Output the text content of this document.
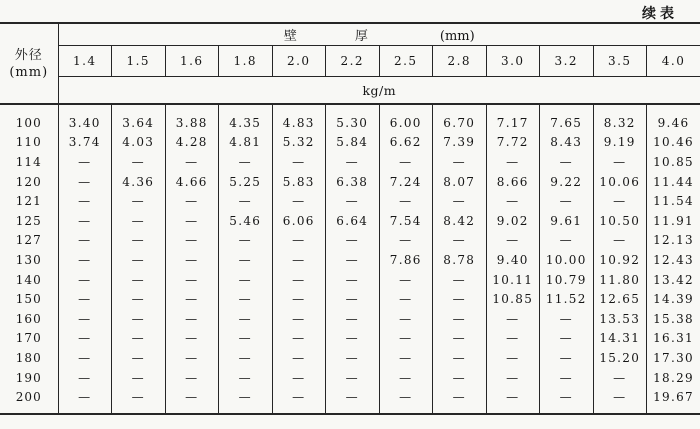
续表
外径
(mm)	壁 厚 (mm)											
	1.4	1.5	1.6	1.8	2.0	2.2	2.5	2.8	3.0	3.2	3.5	4.0
	kg/m											
100	3.40	3.64	3.88	4.35	4.83	5.30	6.00	6.70	7.17	7.65	8.32	9.46
110	3.74	4.03	4.28	4.81	5.32	5.84	6.62	7.39	7.72	8.43	9.19	10.46
114	—	—	—	—	—	—	—	—	—	—	—	10.85
120	—	4.36	4.66	5.25	5.83	6.38	7.24	8.07	8.66	9.22	10.06	11.44
121	—	—	—	—	—	—	—	—	—	—	—	11.54
125	—	—	—	5.46	6.06	6.64	7.54	8.42	9.02	9.61	10.50	11.91
127	—	—	—	—	—	—	—	—	—	—	—	12.13
130	—	—	—	—	—	—	7.86	8.78	9.40	10.00	10.92	12.43
140	—	—	—	—	—	—	—	—	10.11	10.79	11.80	13.42
150	—	—	—	—	—	—	—	—	10.85	11.52	12.65	14.39
160	—	—	—	—	—	—	—	—	—	—	13.53	15.38
170	—	—	—	—	—	—	—	—	—	—	14.31	16.31
180	—	—	—	—	—	—	—	—	—	—	15.20	17.30
190	—	—	—	—	—	—	—	—	—	—	—	18.29
200	—	—	—	—	—	—	—	—	—	—	—	19.67
